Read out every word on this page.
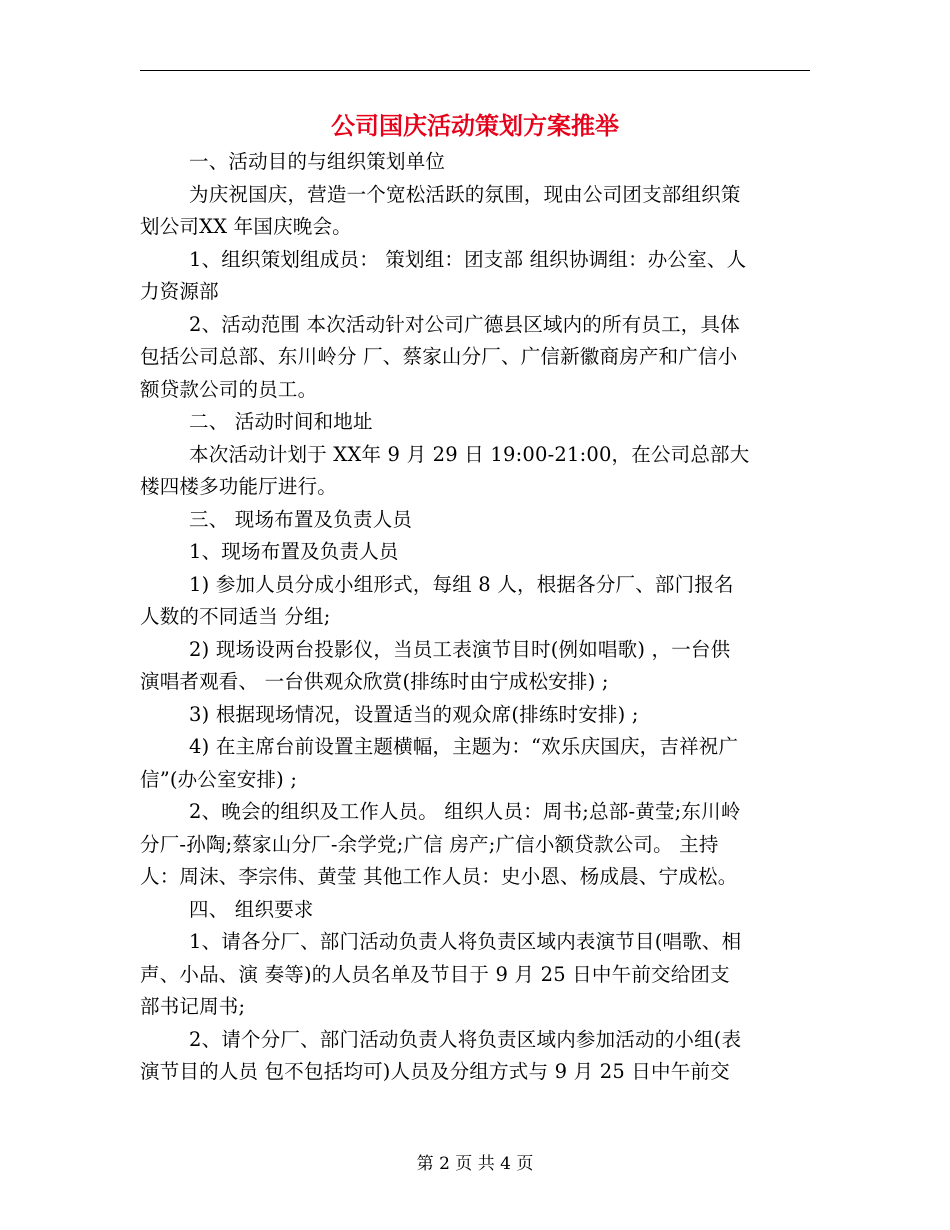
公司国庆活动策划方案推举

一、活动目的与组织策划单位

为庆祝国庆，营造一个宽松活跃的氛围，现由公司团支部组织策
划公司XX 年国庆晚会。

1、组织策划组成员： 策划组：团支部 组织协调组：办公室、人
力资源部

2、活动范围 本次活动针对公司广德县区域内的所有员工，具体
包括公司总部、东川岭分 厂、蔡家山分厂、广信新徽商房产和广信小
额贷款公司的员工。

二、 活动时间和地址

本次活动计划于 XX年 9 月 29 日 19:00-21:00，在公司总部大
楼四楼多功能厅进行。

三、 现场布置及负责人员

1、现场布置及负责人员

1) 参加人员分成小组形式，每组 8 人，根据各分厂、部门报名
人数的不同适当 分组;

2) 现场设两台投影仪，当员工表演节目时(例如唱歌) ，一台供
演唱者观看、 一台供观众欣赏(排练时由宁成松安排) ;

3) 根据现场情况，设置适当的观众席(排练时安排) ;

4) 在主席台前设置主题横幅，主题为：“欢乐庆国庆，吉祥祝广
信”(办公室安排) ;

2、晚会的组织及工作人员。 组织人员：周书;总部-黄莹;东川岭
分厂-孙陶;蔡家山分厂-余学党;广信 房产;广信小额贷款公司。 主持
人：周沫、李宗伟、黄莹 其他工作人员：史小恩、杨成晨、宁成松。

四、 组织要求

1、请各分厂、部门活动负责人将负责区域内表演节目(唱歌、相
声、小品、演 奏等)的人员名单及节目于 9 月 25 日中午前交给团支
部书记周书;

2、请个分厂、部门活动负责人将负责区域内参加活动的小组(表
演节目的人员 包不包括均可)人员及分组方式与 9 月 25 日中午前交

第 2 页 共 4 页
